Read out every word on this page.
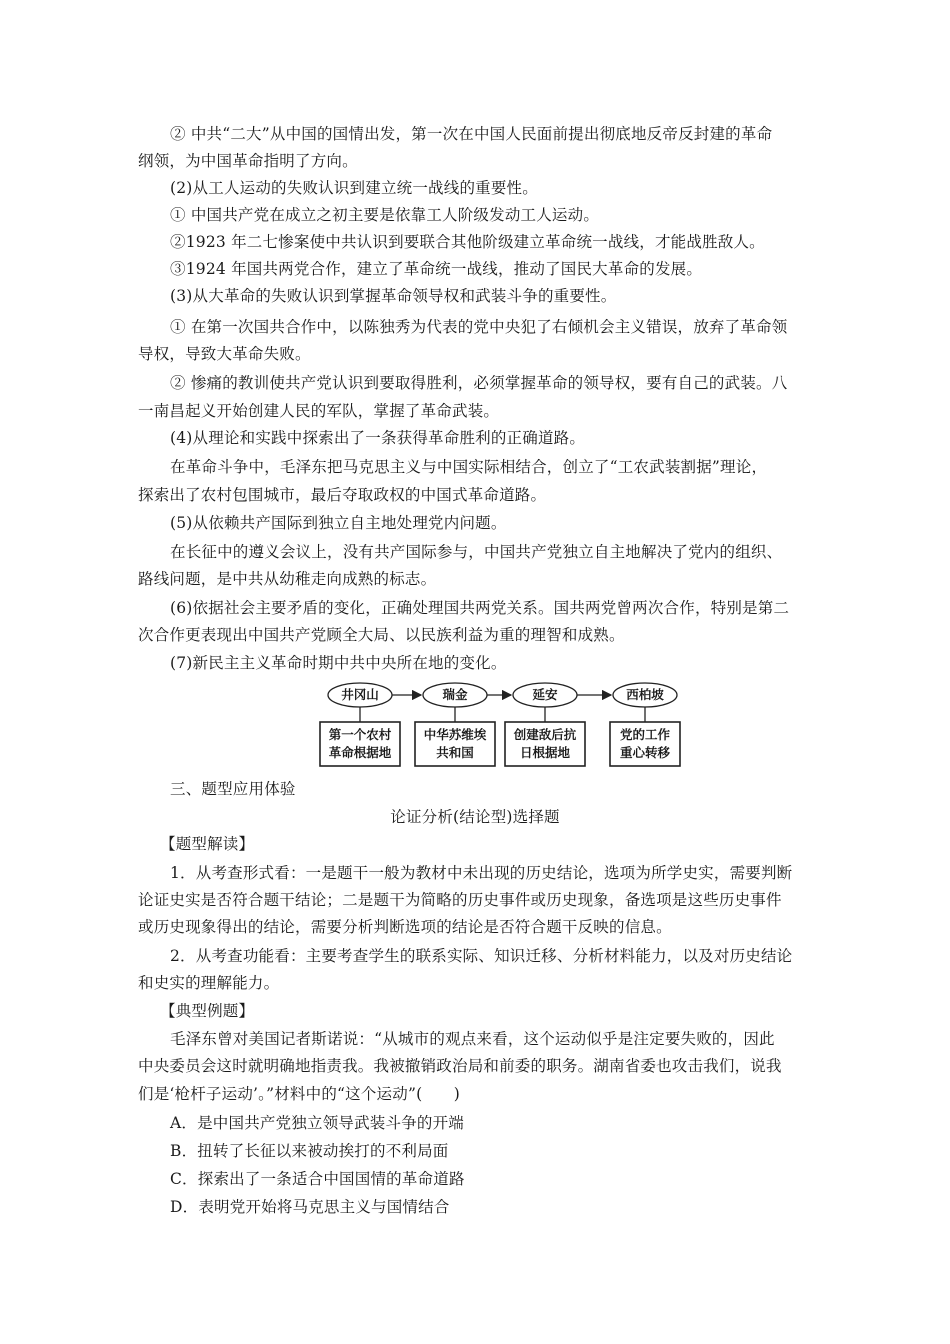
② 中共“二大”从中国的国情出发，第一次在中国人民面前提出彻底地反帝反封建的革命
纲领，为中国革命指明了方向。
(2)从工人运动的失败认识到建立统一战线的重要性。
① 中国共产党在成立之初主要是依靠工人阶级发动工人运动。
②1923 年二七惨案使中共认识到要联合其他阶级建立革命统一战线，才能战胜敌人。
③1924 年国共两党合作，建立了革命统一战线，推动了国民大革命的发展。
(3)从大革命的失败认识到掌握革命领导权和武装斗争的重要性。
① 在第一次国共合作中，以陈独秀为代表的党中央犯了右倾机会主义错误，放弃了革命领
导权，导致大革命失败。
② 惨痛的教训使共产党认识到要取得胜利，必须掌握革命的领导权，要有自己的武装。八
一南昌起义开始创建人民的军队，掌握了革命武装。
(4)从理论和实践中探索出了一条获得革命胜利的正确道路。
在革命斗争中，毛泽东把马克思主义与中国实际相结合，创立了“工农武装割据”理论，
探索出了农村包围城市，最后夺取政权的中国式革命道路。
(5)从依赖共产国际到独立自主地处理党内问题。
在长征中的遵义会议上，没有共产国际参与，中国共产党独立自主地解决了党内的组织、
路线问题，是中共从幼稚走向成熟的标志。
(6)依据社会主要矛盾的变化，正确处理国共两党关系。国共两党曾两次合作，特别是第二
次合作更表现出中国共产党顾全大局、以民族利益为重的理智和成熟。
(7)新民主主义革命时期中共中央所在地的变化。
井冈山	瑞金	延安	西柏坡
第一个农村
革命根据地
中华苏维埃
共和国
创建敌后抗
日根据地
党的工作
重心转移
三、题型应用体验
论证分析(结论型)选择题
【题型解读】
1．从考查形式看：一是题干一般为教材中未出现的历史结论，选项为所学史实，需要判断
论证史实是否符合题干结论；二是题干为简略的历史事件或历史现象，备选项是这些历史事件
或历史现象得出的结论，需要分析判断选项的结论是否符合题干反映的信息。
2．从考查功能看：主要考查学生的联系实际、知识迁移、分析材料能力，以及对历史结论
和史实的理解能力。
【典型例题】
毛泽东曾对美国记者斯诺说：“从城市的观点来看，这个运动似乎是注定要失败的，因此
中央委员会这时就明确地指责我。我被撤销政治局和前委的职务。湖南省委也攻击我们，说我
们是‘枪杆子运动’。”材料中的“这个运动”(　　)
A．是中国共产党独立领导武装斗争的开端
B．扭转了长征以来被动挨打的不利局面
C．探索出了一条适合中国国情的革命道路
D．表明党开始将马克思主义与国情结合
